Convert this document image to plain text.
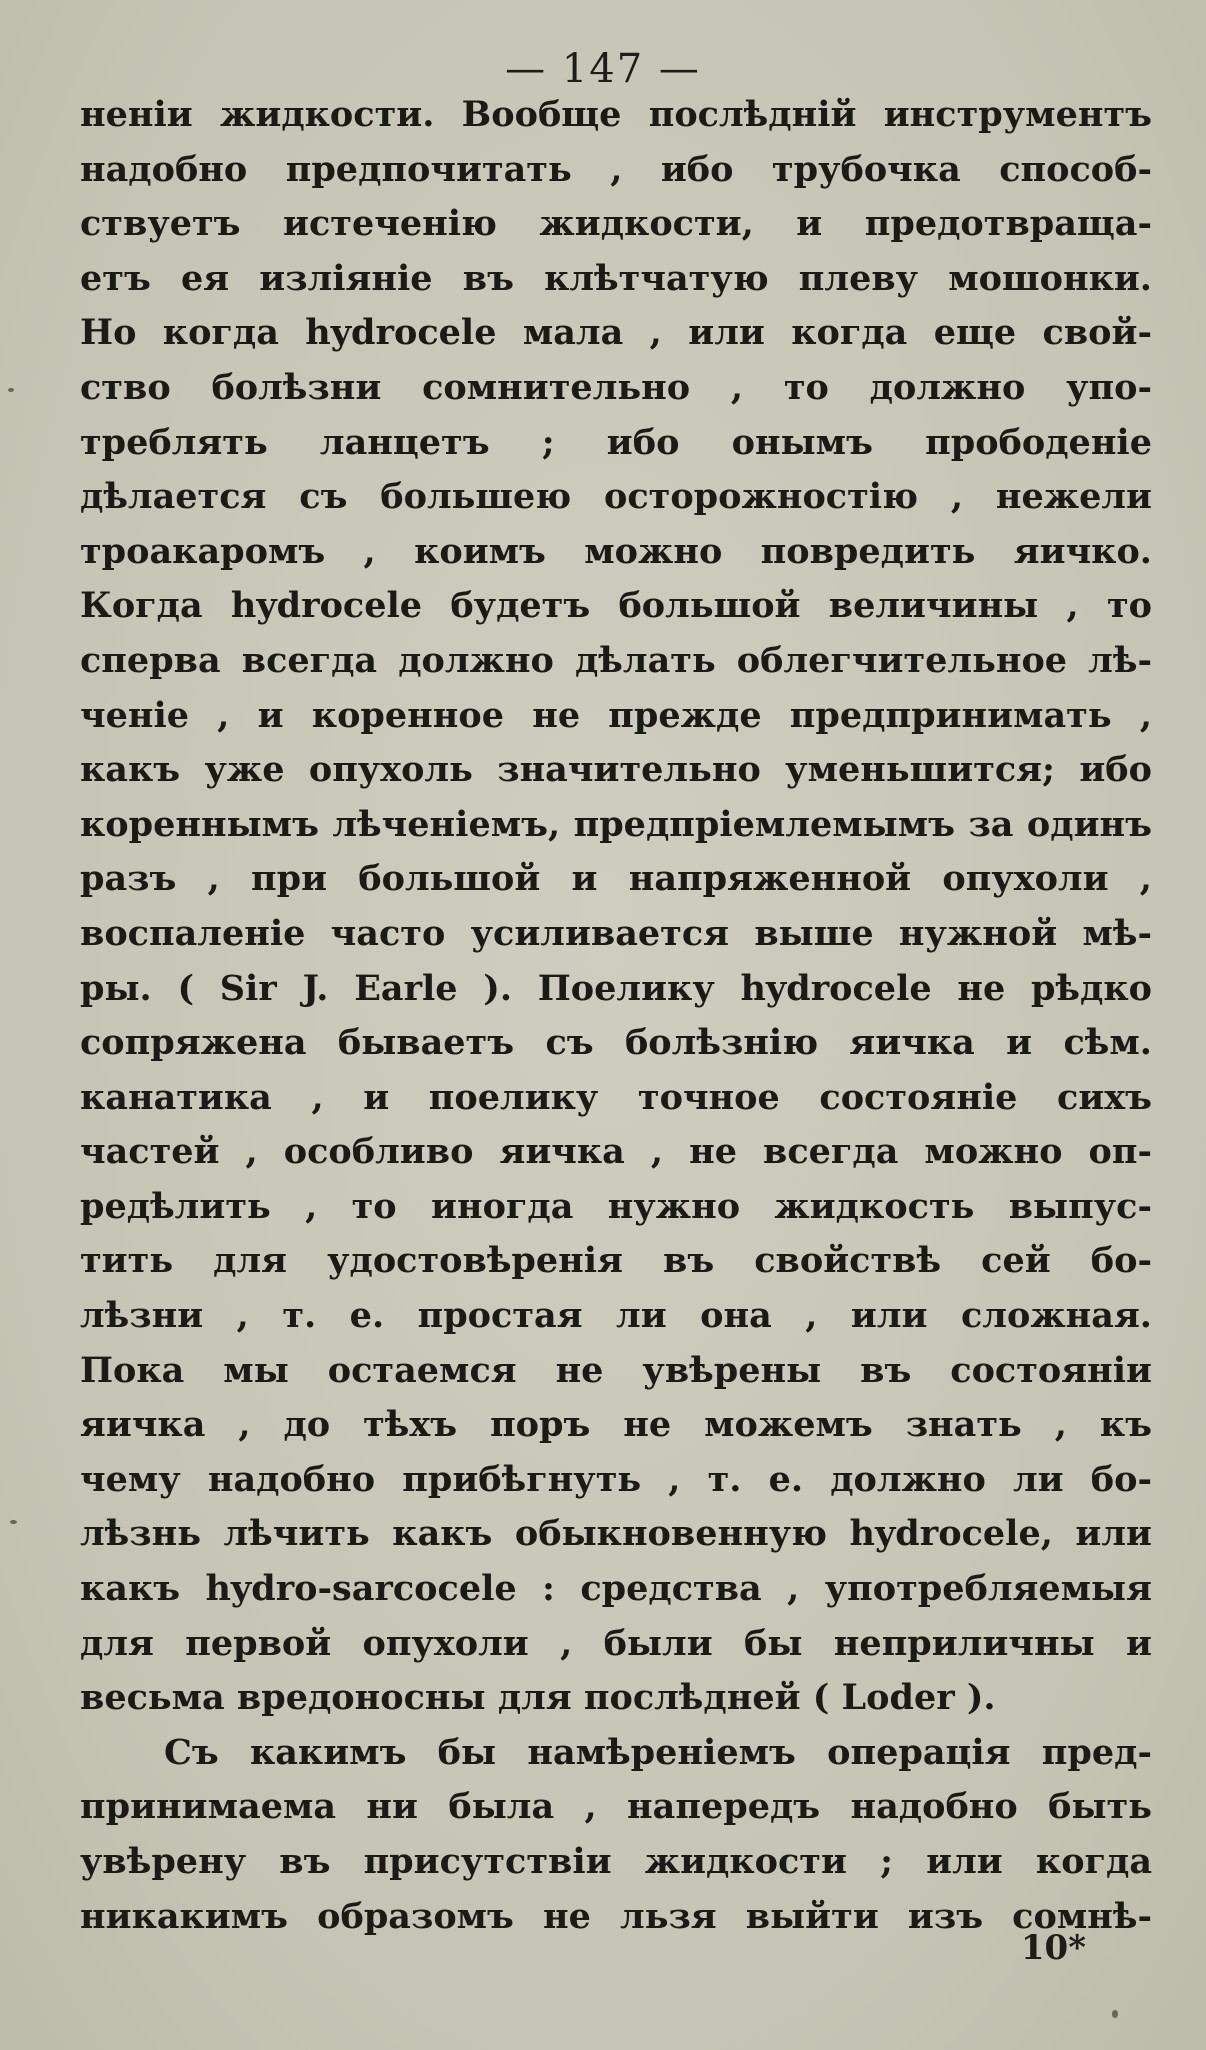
— 147 —
неніи жидкости. Вообще послѣдній инструментъ
надобно предпочитать , ибо трубочка способ-
ствуетъ истеченію жидкости, и предотвраща-
етъ ея изліяніе въ клѣтчатую плеву мошонки.
Но когда hydrocele мала , или когда еще свой-
ство болѣзни сомнительно , то должно упо-
треблять ланцетъ ; ибо онымъ прободеніе
дѣлается съ большею осторожностію , нежели
троакаромъ , коимъ можно повредить яичко.
Когда hydrocele будетъ большой величины , то
сперва всегда должно дѣлать облегчительное лѣ-
ченіе , и коренное не прежде предпринимать ,
какъ уже опухоль значительно уменьшится; ибо
кореннымъ лѣченіемъ, предпріемлемымъ за одинъ
разъ , при большой и напряженной опухоли ,
воспаленіе часто усиливается выше нужной мѣ-
ры. ( Sir J. Earle ). Поелику hydrocele не рѣдко
сопряжена бываетъ съ болѣзнію яичка и сѣм.
канатика , и поелику точное состояніе сихъ
частей , особливо яичка , не всегда можно оп-
редѣлить , то иногда нужно жидкость выпус-
тить для удостовѣренія въ свойствѣ сей бо-
лѣзни , т. е. простая ли она , или сложная.
Пока мы остаемся не увѣрены въ состояніи
яичка , до тѣхъ поръ не можемъ знать , къ
чему надобно прибѣгнуть , т. е. должно ли бо-
лѣзнь лѣчить какъ обыкновенную hydrocele, или
какъ hydro-sarcocele : средства , употребляемыя
для первой опухоли , были бы неприличны и
весьма вредоносны для послѣдней ( Loder ).
Съ какимъ бы намѣреніемъ операція пред-
принимаема ни была , напередъ надобно быть
увѣрену въ присутствіи жидкости ; или когда
никакимъ образомъ не льзя выйти изъ сомнѣ-
10*
